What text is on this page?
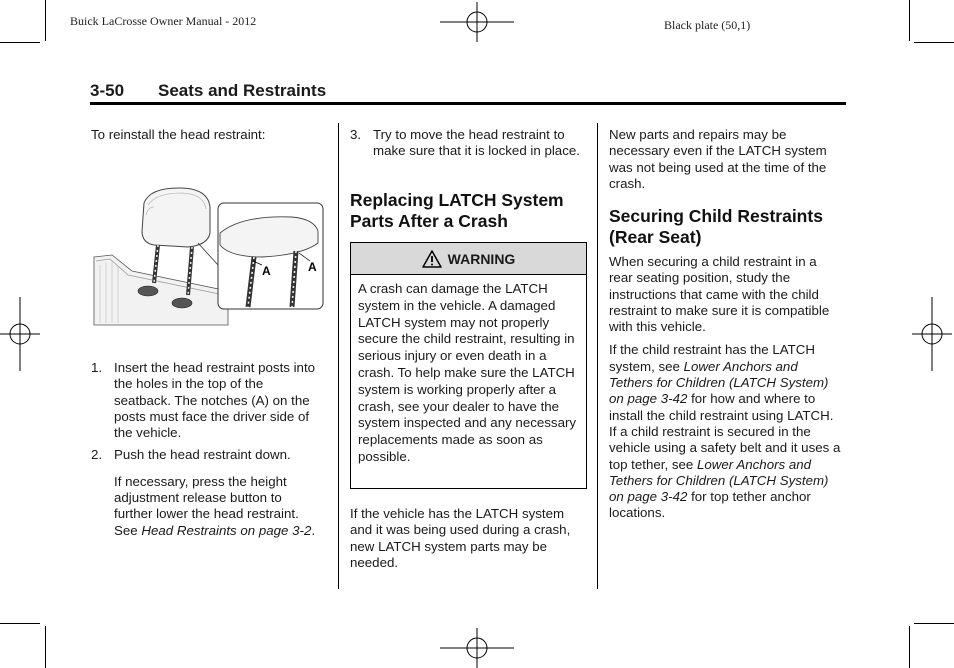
Buick LaCrosse Owner Manual - 2012	Black plate (50,1)
3-50 Seats and Restraints

To reinstall the head restraint:

A	A
1. Insert the head restraint posts into the holes in the top of the seatback. The notches (A) on the posts must face the driver side of the vehicle.
2. Push the head restraint down.
If necessary, press the height adjustment release button to further lower the head restraint. See Head Restraints on page 3-2.
3. Try to move the head restraint to make sure that it is locked in place.
Replacing LATCH System Parts After a Crash
WARNING
A crash can damage the LATCH system in the vehicle. A damaged LATCH system may not properly secure the child restraint, resulting in serious injury or even death in a crash. To help make sure the LATCH system is working properly after a crash, see your dealer to have the system inspected and any necessary replacements made as soon as possible.
If the vehicle has the LATCH system and it was being used during a crash, new LATCH system parts may be needed.
New parts and repairs may be necessary even if the LATCH system was not being used at the time of the crash.
Securing Child Restraints (Rear Seat)

When securing a child restraint in a rear seating position, study the instructions that came with the child restraint to make sure it is compatible with this vehicle.

If the child restraint has the LATCH system, see Lower Anchors and Tethers for Children (LATCH System) on page 3-42 for how and where to install the child restraint using LATCH. If a child restraint is secured in the vehicle using a safety belt and it uses a top tether, see Lower Anchors and Tethers for Children (LATCH System) on page 3-42 for top tether anchor locations.
